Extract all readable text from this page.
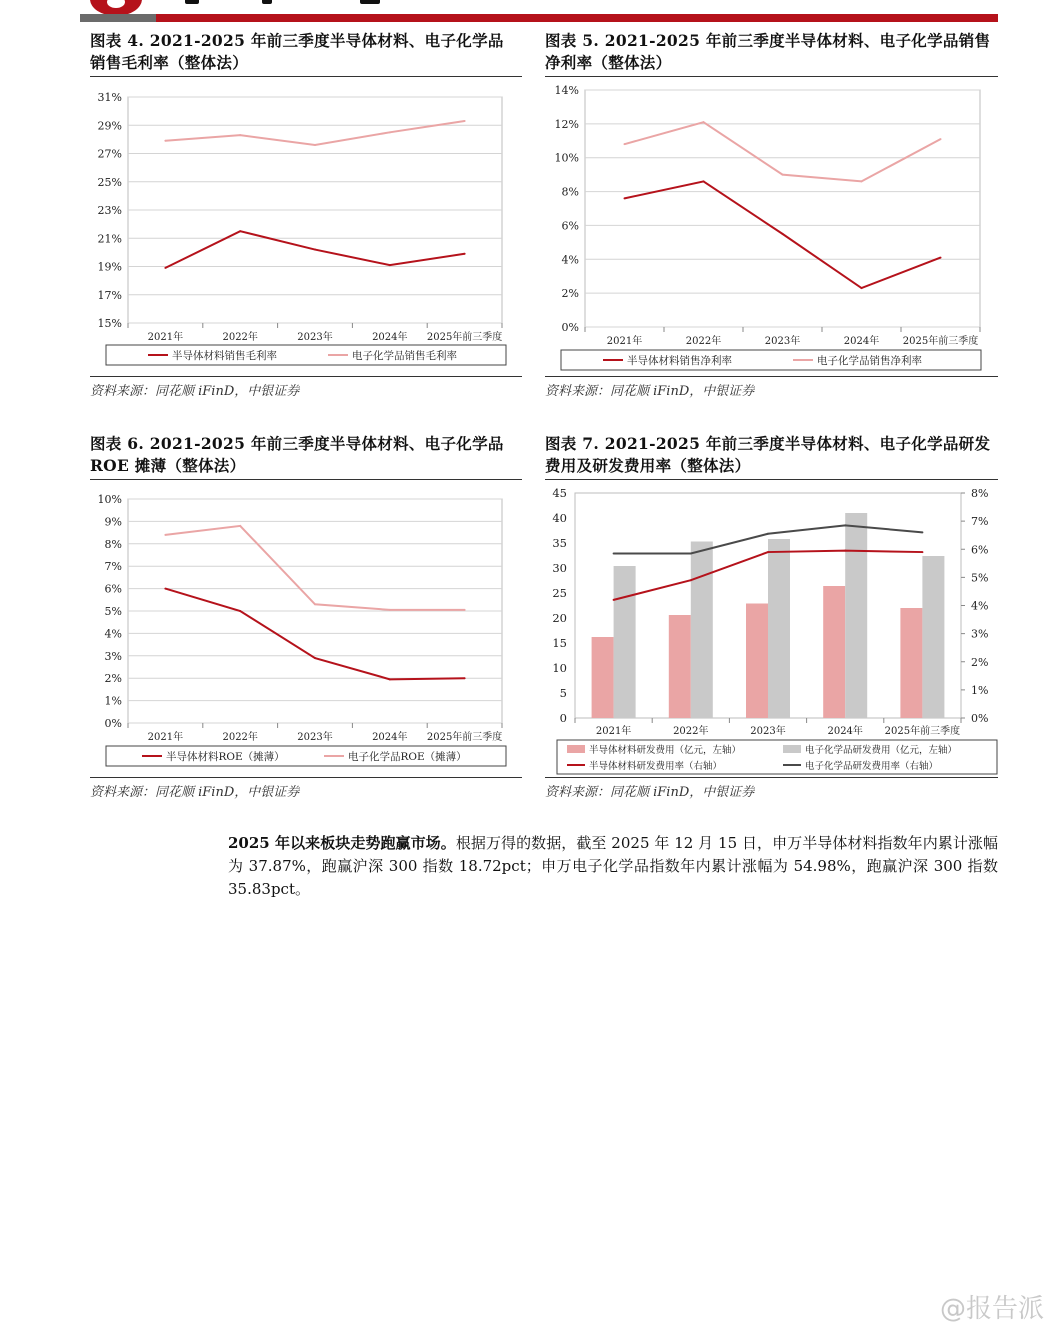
图表 4. 2021-2025 年前三季度半导体材料、电子化学品
销售毛利率（整体法）
15%
17%
19%
21%
23%
25%
27%
29%
31%
2021年	2022年	2023年	2024年 2025年前三季度
半导体材料销售毛利率	电子化学品销售毛利率
资料来源：同花顺 iFinD，中银证券
图表 5. 2021-2025 年前三季度半导体材料、电子化学品销售
净利率（整体法）
0%
2%
4%
6%
8%
10%
12%
14%
2021年	2022年	2023年	2024年 2025年前三季度
半导体材料销售净利率	电子化学品销售净利率
资料来源：同花顺 iFinD，中银证券
图表 6. 2021-2025 年前三季度半导体材料、电子化学品
ROE 摊薄（整体法）
0%
1%
2%
3%
4%
5%
6%
7%
8%
9%
10%
2021年	2022年	2023年	2024年 2025年前三季度
半导体材料ROE（摊薄）	电子化学品ROE（摊薄）
资料来源：同花顺 iFinD，中银证券
图表 7. 2021-2025 年前三季度半导体材料、电子化学品研发
费用及研发费用率（整体法）
0
5
10
15
20
25
30
35
40
45
0%
1%
2%
3%
4%
5%
6%
7%
8%
2021年	2022年	2023年	2024年 2025年前三季度
半导体材料研发费用（亿元，左轴）	电子化学品研发费用（亿元，左轴）
半导体材料研发费用率（右轴）	电子化学品研发费用率（右轴）
资料来源：同花顺 iFinD，中银证券
2025 年以来板块走势跑赢市场。根据万得的数据，截至 2025 年 12 月 15 日，申万半导体材料指数年内累计涨幅为 37.87%，跑赢沪深 300 指数 18.72pct；申万电子化学品指数年内累计涨幅为 54.98%，跑赢沪深 300 指数 35.83pct。
@报告派
